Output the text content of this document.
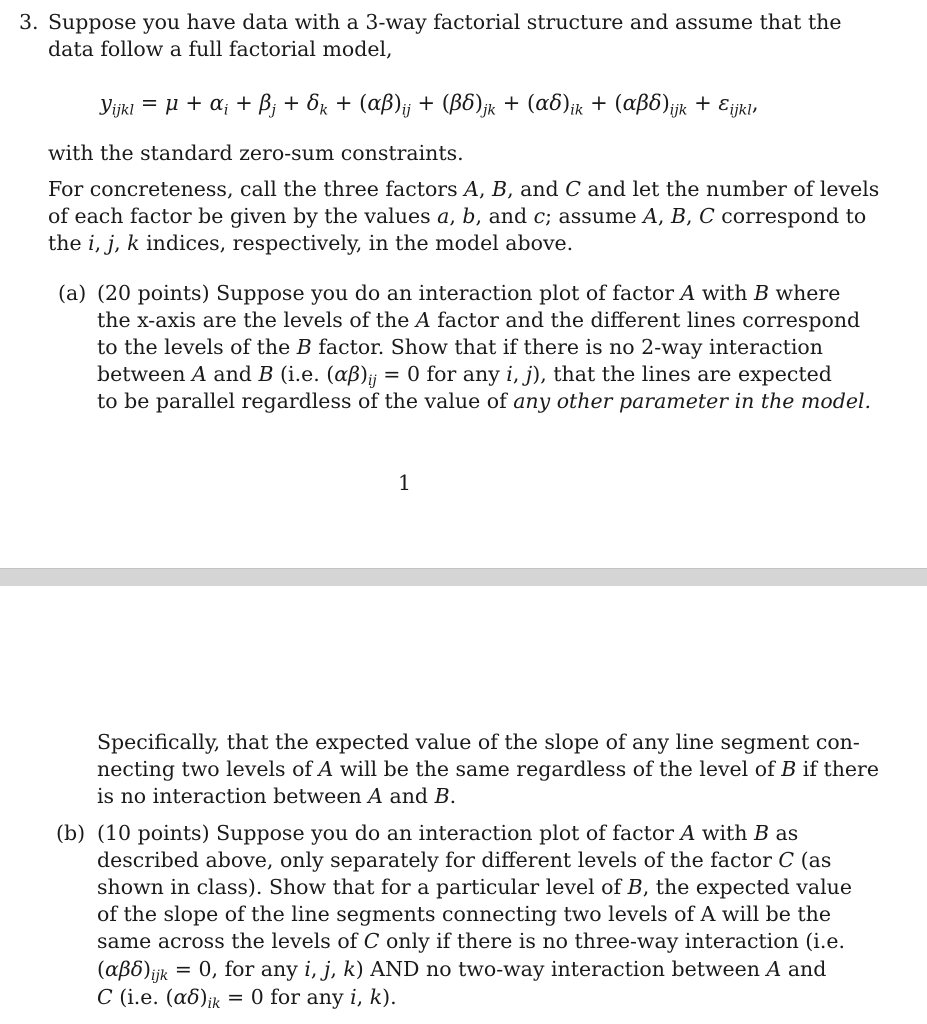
3. Suppose you have data with a 3-way factorial structure and assume that the
data follow a full factorial model,
$y_{ijkl} = \mu + \alpha_i + \beta_j + \delta_k + (\alpha\beta)_{ij} + (\beta\delta)_{jk} + (\alpha\delta)_{ik} + (\alpha\beta\delta)_{ijk} + \varepsilon_{ijkl}$,
with the standard zero-sum constraints.
For concreteness, call the three factors A, B, and C and let the number of levels
of each factor be given by the values a, b, and c; assume A, B, C correspond to
the i, j, k indices, respectively, in the model above.
(a) (20 points) Suppose you do an interaction plot of factor A with B where
the x-axis are the levels of the A factor and the different lines correspond
to the levels of the B factor. Show that if there is no 2-way interaction
between A and B (i.e. $(\alpha\beta)_{ij} = 0$ for any i, j), that the lines are expected
to be parallel regardless of the value of any other parameter in the model.
1
Specifically, that the expected value of the slope of any line segment con-
necting two levels of A will be the same regardless of the level of B if there
is no interaction between A and B.
(b) (10 points) Suppose you do an interaction plot of factor A with B as
described above, only separately for different levels of the factor C (as
shown in class). Show that for a particular level of B, the expected value
of the slope of the line segments connecting two levels of A will be the
same across the levels of C only if there is no three-way interaction (i.e.
$(\alpha\beta\delta)_{ijk} = 0$, for any i, j, k) AND no two-way interaction between A and
C (i.e. $(\alpha\delta)_{ik} = 0$ for any i, k).
